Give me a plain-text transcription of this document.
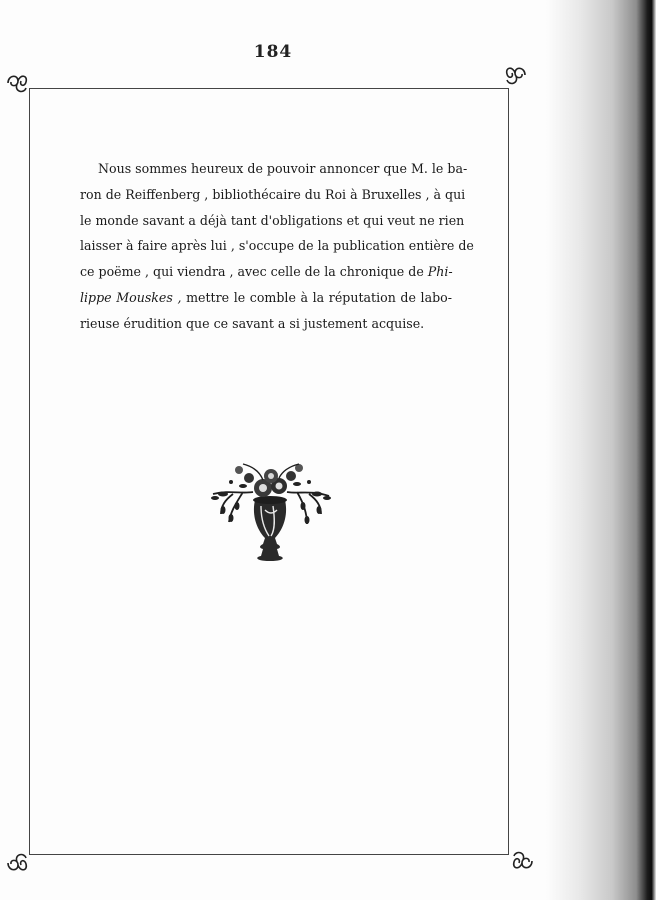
184

Nous sommes heureux de pouvoir annoncer que M. le ba-
ron de Reiffenberg , bibliothécaire du Roi à Bruxelles , à qui
le monde savant a déjà tant d'obligations et qui veut ne rien
laisser à faire après lui , s'occupe de la publication entière de
ce poëme , qui viendra , avec celle de la chronique de Phi-
lippe Mouskes , mettre le comble à la réputation de labo-
rieuse érudition que ce savant a si justement acquise.
